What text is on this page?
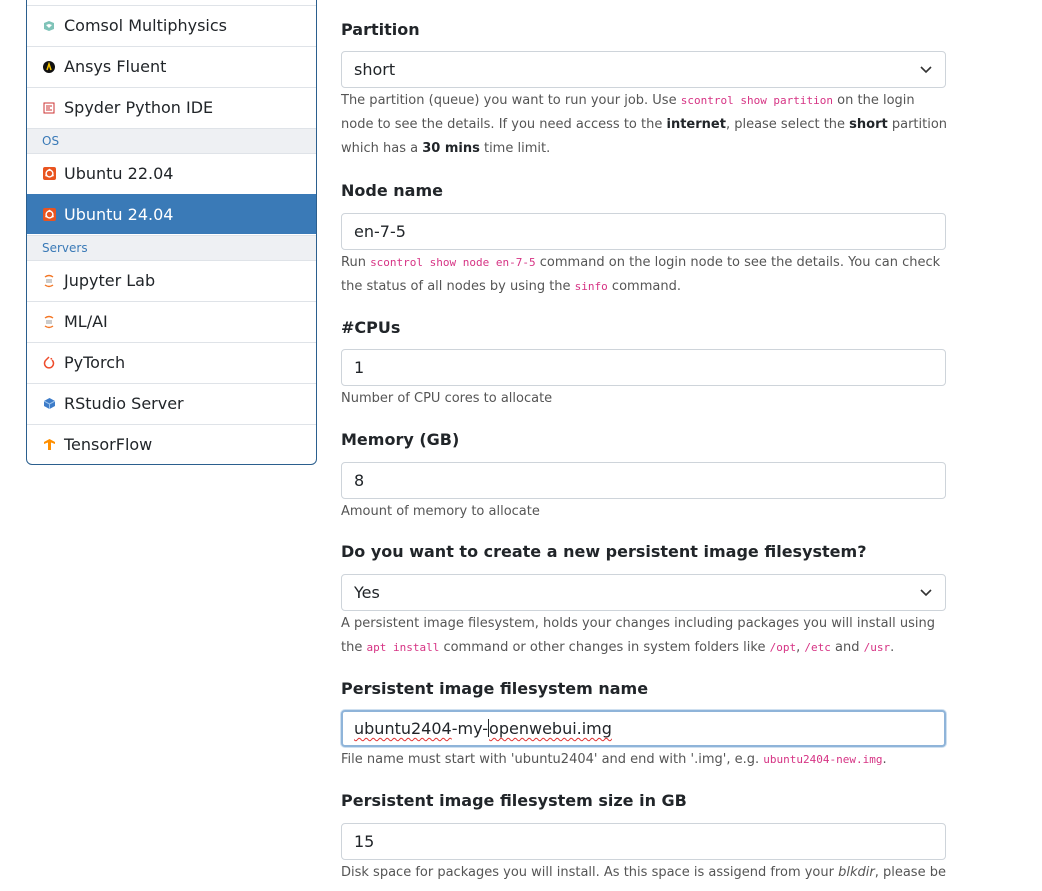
Comsol Multiphysics
Ansys Fluent
Spyder Python IDE
OS
Ubuntu 22.04
Ubuntu 24.04
Servers
Jupyter Lab
ML/AI
PyTorch
RStudio Server
TensorFlow
Partition
short
The partition (queue) you want to run your job. Use scontrol show partition on the login node to see the details. If you need access to the internet, please select the short partition which has a 30 mins time limit.
Node name
en-7-5
Run scontrol show node en-7-5 command on the login node to see the details. You can check the status of all nodes by using the sinfo command.
#CPUs
1
Number of CPU cores to allocate
Memory (GB)
8
Amount of memory to allocate
Do you want to create a new persistent image filesystem?
Yes
A persistent image filesystem, holds your changes including packages you will install using the apt install command or other changes in system folders like /opt, /etc and /usr.
Persistent image filesystem name
ubuntu2404-my-openwebui.img
File name must start with 'ubuntu2404' and end with '.img', e.g. ubuntu2404-new.img.
Persistent image filesystem size in GB
15
Disk space for packages you will install. As this space is assigend from your blkdir, please be
